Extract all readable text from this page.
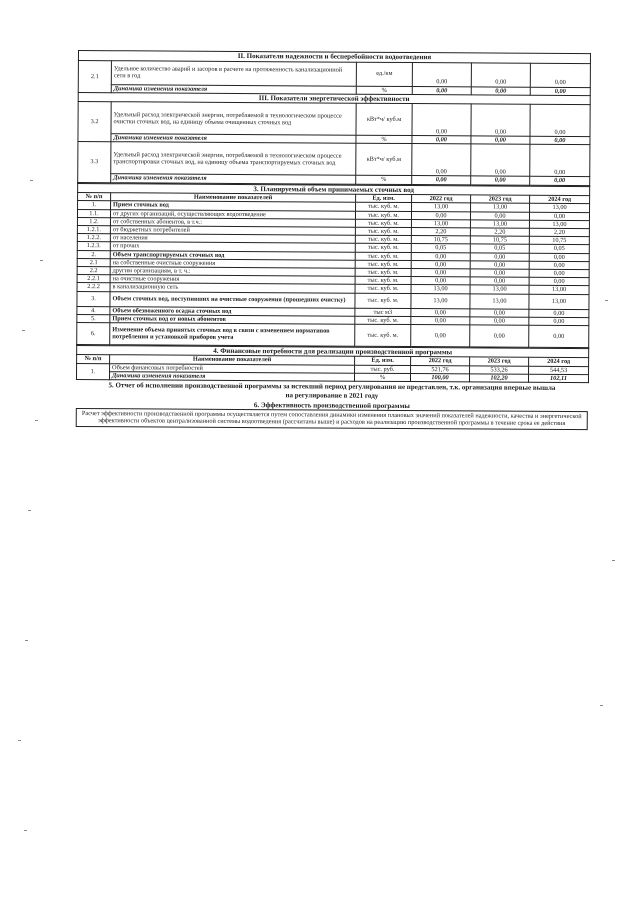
II. Показатели надежности и бесперебойности водоотведения					
2.1	Удельное количество аварий и засоров в расчете на протяженность канализационной сети в год	ед./км	0,00	0,00	0,00
	Динамика изменения показателя	%	0,00	0,00	0,00
III. Показатели энергетической эффективности					
3.2	Удельный расход электрической энергии, потребляемой в технологическом процессе очистки сточных вод, на единицу объема очищенных сточных вод	кВт*ч/ куб.м	0,00	0,00	0,00
	Динамика изменения показателя	%	0,00	0,00	0,00
3.3	Удельный расход электрической энергии, потребляемой в технологическом процессе транспортировки сточных вод, на единицу объема транспортируемых сточных вод	кВт*ч/ куб.м	0,00	0,00	0,00
	Динамика изменения показателя	%	0,00	0,00	0,00
3. Планируемый объем принимаемых сточных вод					
№ п/п	Наименование показателей	Ед. изм.	2022 год	2023 год	2024 год
1.	Прием сточных вод	тыс. куб. м.	13,00	13,00	13,00
1.1.	от других организаций, осуществляющих водоотведение	тыс. куб. м.	0,00	0,00	0,00
1.2.	от собственных абонентов, в т.ч.:	тыс. куб. м.	13,00	13,00	13,00
1.2.1.	от бюджетных потребителей	тыс. куб. м.	2,20	2,20	2,20
1.2.2.	от населения	тыс. куб. м.	10,75	10,75	10,75
1.2.3.	от прочих	тыс. куб. м.	0,05	0,05	0,05
2.	Объем транспортируемых сточных вод	тыс. куб. м.	0,00	0,00	0,00
2.1	на собственные очистные сооружения	тыс. куб. м.	0,00	0,00	0,00
2.2	другим организациям, в т. ч.:	тыс. куб. м.	0,00	0,00	0,00
2.2.1	на очистные сооружения	тыс. куб. м.	0,00	0,00	0,00
2.2.2	в канализационную сеть	тыс. куб. м.	13,00	13,00	13,00
3.	Объем сточных вод, поступивших на очистные сооружения (прошедших очистку)	тыс. куб. м.	13,00	13,00	13,00
4.	Объем обезвоженного осадка сточных вод	тыс м3	0,00	0,00	0,00
5.	Прием сточных вод от новых абонентов	тыс. куб. м.	0,00	0,00	0,00
6.	Изменение объема принятых сточных вод в связи с изменением нормативов потребления и установкой приборов учета	тыс. куб. м.	0,00	0,00	0,00
4. Финансовые потребности для реализации производственной программы					
№ п/п	Наименование показателей	Ед. изм.	2022 год	2023 год	2024 год
1.	Объем финансовых потребностей	тыс. руб.	521,76	533,26	544,53
	Динамика изменения показателя	%	100,00	102,20	102,11
5. Отчет об исполнении производственной программы за истекший период регулирования не представлен, т.к. организация впервые вышла на регулирование в 2021 году
6. Эффективность производственной программы
Расчет эффективности производственной программы осуществляется путем сопоставления динамики изменения плановых значений показателей надежности, качества и энергетической эффективности объектов централизованной системы водоотведения (рассчитаны выше) и расходов на реализацию производственной программы в течение срока ее действия
